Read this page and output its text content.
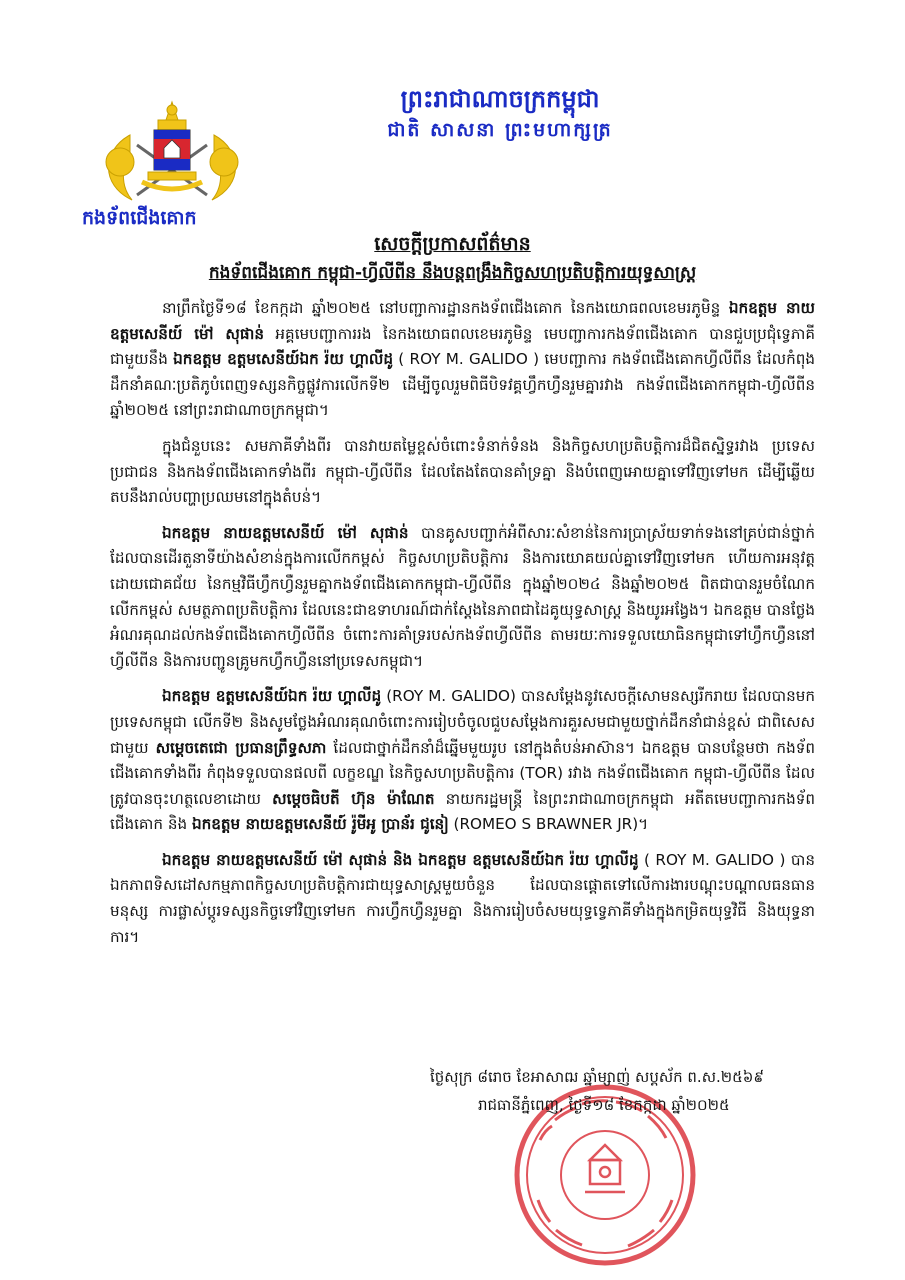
កងទ័ពជើងគោក
ព្រះរាជាណាចក្រកម្ពុជា
ជាតិ សាសនា ព្រះមហាក្សត្រ
សេចក្តីប្រកាសព័ត៌មាន
កងទ័ពជើងគោក កម្ពុជា-ហ្វីលីពីន នឹងបន្តពង្រឹងកិច្ចសហប្រតិបត្តិការយុទ្ធសាស្ត្រ

នាព្រឹកថ្ងៃទី១៨ ខែកក្កដា ឆ្នាំ២០២៥ នៅបញ្ជាការដ្ឋានកងទ័ពជើងគោក នៃកងយោធពលខេមរភូមិន្ទ ឯកឧត្តម នាយឧត្តមសេនីយ៍ ម៉ៅ សុផាន់ អគ្គមេបញ្ជាការរង នៃកងយោធពលខេមរភូមិន្ទ មេបញ្ជាការកងទ័ពជើងគោក បានជួបប្រជុំទ្វេភាគីជាមួយនឹង ឯកឧត្តម ឧត្តមសេនីយ៍ឯក រ៉យ ហ្គាលីដូ ( ROY M. GALIDO ) មេបញ្ជាការ កងទ័ពជើងគោកហ្វីលីពីន ដែលកំពុងដឹកនាំគណៈប្រតិភូបំពេញទស្សនកិច្ចផ្លូវការលើកទី២ ដើម្បីចូលរួមពិធីបិទវគ្គហ្វឹកហ្វឺនរួមគ្នារវាង កងទ័ពជើងគោកកម្ពុជា-ហ្វីលីពីន ឆ្នាំ២០២៥ នៅព្រះរាជាណាចក្រកម្ពុជា។

ក្នុងជំនួបនេះ សមភាគីទាំងពីរ បានវាយតម្លៃខ្ពស់ចំពោះទំនាក់ទំនង និងកិច្ចសហប្រតិបត្តិការដ៏ជិតស្និទ្ធរវាង ប្រទេស ប្រជាជន និងកងទ័ពជើងគោកទាំងពីរ កម្ពុជា-ហ្វីលីពីន ដែលតែងតែបានគាំទ្រគ្នា និងបំពេញអោយគ្នាទៅវិញទៅមក ដើម្បីឆ្លើយតបនឹងរាល់បញ្ហាប្រឈមនៅក្នុងតំបន់។

ឯកឧត្តម នាយឧត្តមសេនីយ៍ ម៉ៅ សុផាន់ បានគូសបញ្ជាក់អំពីសារៈសំខាន់នៃការប្រាស្រ័យទាក់ទងនៅគ្រប់ជាន់ថ្នាក់ ដែលបានដើរតួនាទីយ៉ាងសំខាន់ក្នុងការលើកកម្ពស់ កិច្ចសហប្រតិបត្តិការ និងការយោគយល់គ្នាទៅវិញទៅមក ហើយការអនុវត្តដោយជោគជ័យ នៃកម្មវិធីហ្វឹកហ្វឺនរួមគ្នាកងទ័ពជើងគោកកម្ពុជា-ហ្វីលីពីន ក្នុងឆ្នាំ២០២៤ និងឆ្នាំ២០២៥ ពិតជាបានរួមចំណែកលើកកម្ពស់ សមត្ថភាពប្រតិបត្តិការ ដែលនេះជាឧទាហរណ៍ជាក់ស្តែងនៃភាពជាដៃគូយុទ្ធសាស្ត្រ និងយូរអង្វែង។ ឯកឧត្តម បានថ្លែងអំណរគុណដល់កងទ័ពជើងគោកហ្វីលីពីន ចំពោះការគាំទ្ររបស់កងទ័ពហ្វីលីពីន តាមរយៈការទទួលយោធិនកម្ពុជាទៅហ្វឹកហ្វឺននៅហ្វីលីពីន និងការបញ្ជូនគ្រូមកហ្វឹកហ្វឺននៅប្រទេសកម្ពុជា។

ឯកឧត្តម ឧត្តមសេនីយ៍ឯក រ៉យ ហ្គាលីដូ (ROY M. GALIDO) បានសម្តែងនូវសេចក្តីសោមនស្សរីករាយ ដែលបានមកប្រទេសកម្ពុជា លើកទី២ និងសូមថ្លែងអំណរគុណចំពោះការរៀបចំចូលជួបសម្តែងការគួរសមជាមួយថ្នាក់ដឹកនាំជាន់ខ្ពស់ ជាពិសេស ជាមួយ សម្តេចតេជោ ប្រធានព្រឹទ្ធសភា ដែលជាថ្នាក់ដឹកនាំដ៏ឆ្នើមមួយរូប នៅក្នុងតំបន់អាស៊ាន។ ឯកឧត្តម បានបន្ថែមថា កងទ័ពជើងគោកទាំងពីរ កំពុងទទួលបានផលពី លក្ខខណ្ឌ នៃកិច្ចសហប្រតិបត្តិការ (TOR) រវាង កងទ័ពជើងគោក កម្ពុជា-ហ្វីលីពីន ដែលត្រូវបានចុះហត្ថលេខាដោយ សម្តេចធិបតី ហ៊ុន ម៉ាណែត នាយករដ្ឋមន្ត្រី នៃព្រះរាជាណាចក្រកម្ពុជា អតីតមេបញ្ជាការកងទ័ពជើងគោក និង ឯកឧត្តម នាយឧត្តមសេនីយ៍ រ៉ូមីអូ ប្រាន័រ ជូនៀ (ROMEO S BRAWNER JR)។

ឯកឧត្តម នាយឧត្តមសេនីយ៍ ម៉ៅ សុផាន់ និង ឯកឧត្តម ឧត្តមសេនីយ៍ឯក រ៉យ ហ្គាលីដូ ( ROY M. GALIDO ) បានឯកភាពទិសដៅសកម្មភាពកិច្ចសហប្រតិបត្តិការជាយុទ្ធសាស្ត្រមួយចំនួន ដែលបានផ្តោតទៅលើការងារបណ្តុះបណ្តាលធនធានមនុស្ស ការផ្លាស់ប្តូរទស្សនកិច្ចទៅវិញទៅមក ការហ្វឹកហ្វឺនរួមគ្នា និងការរៀបចំសមយុទ្ធទ្វេភាគីទាំងក្នុងកម្រិតយុទ្ធវិធី និងយុទ្ធនាការ។

ថ្ងៃសុក្រ ៨រោច ខែអាសាឍ ឆ្នាំម្សាញ់ សប្តស័ក ព.ស.២៥៦៩
រាជធានីភ្នំពេញ, ថ្ងៃទី១៨ ខែកក្កដា ឆ្នាំ២០២៥
